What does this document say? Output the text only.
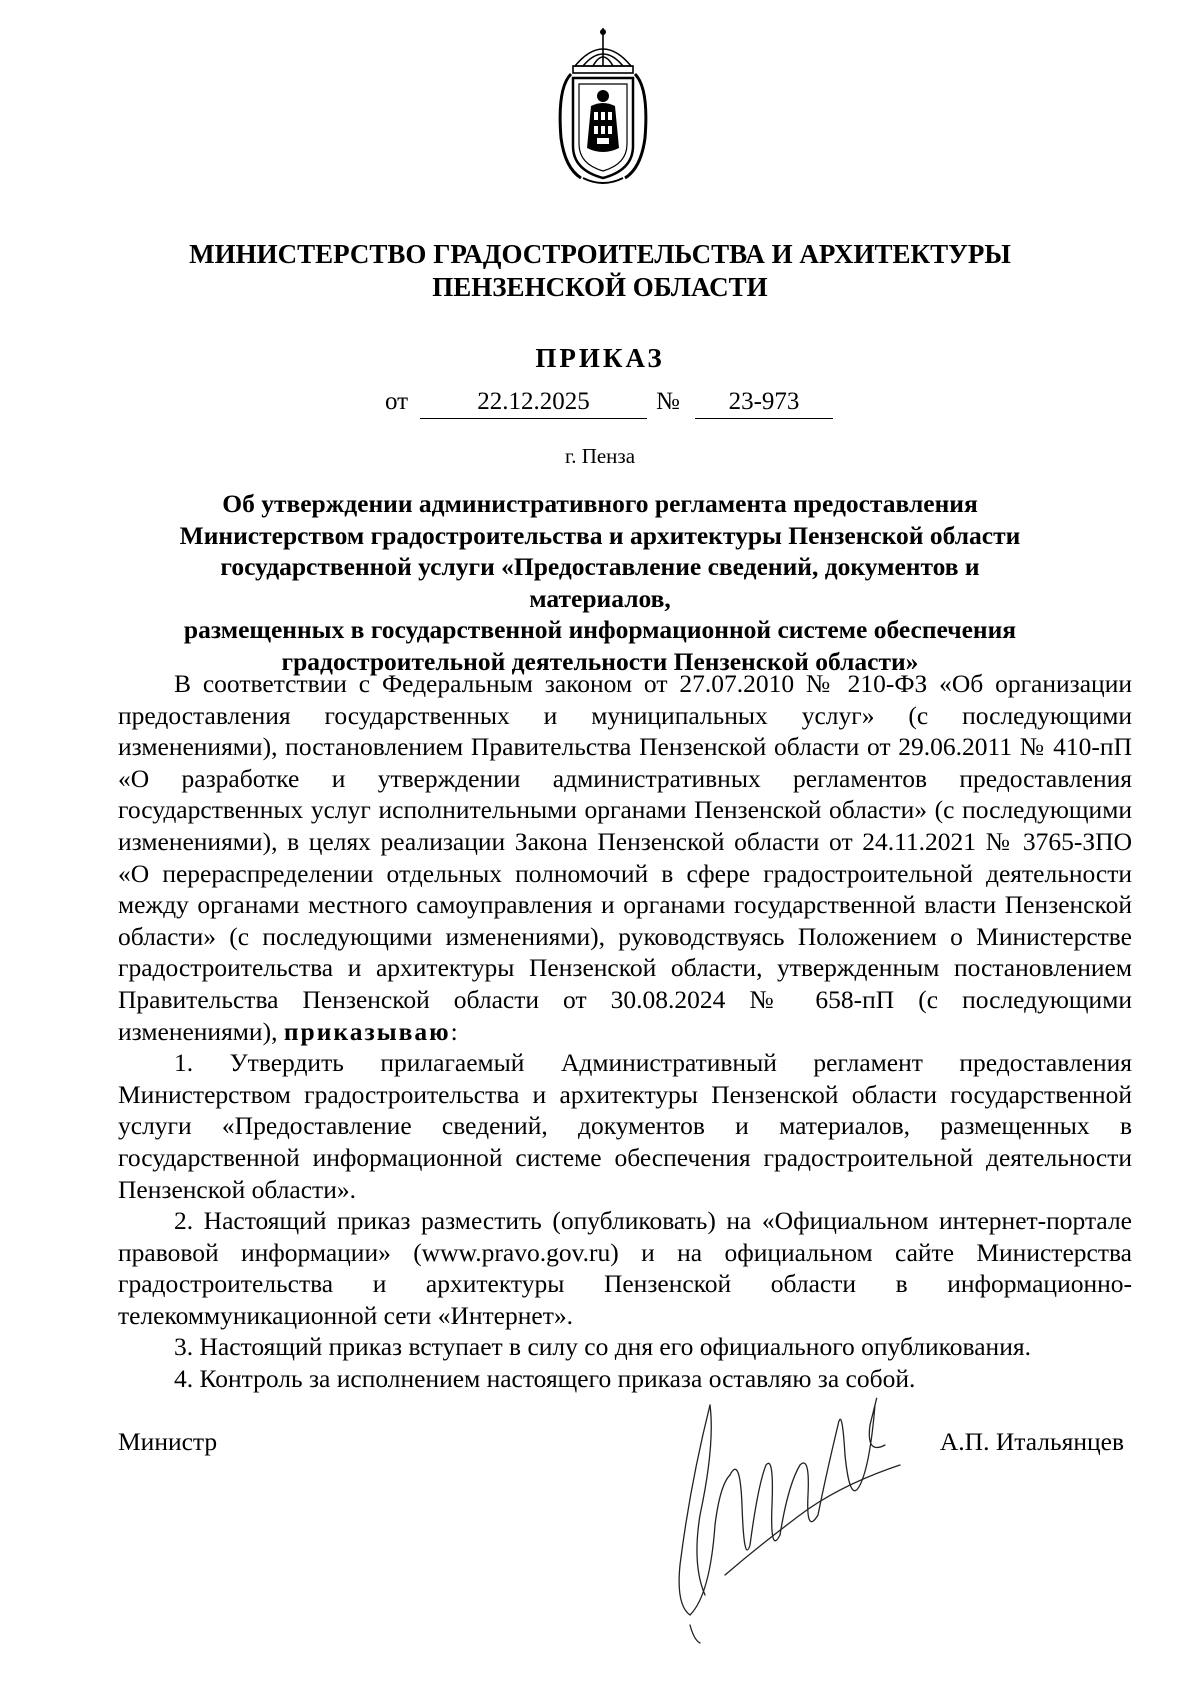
МИНИСТЕРСТВО ГРАДОСТРОИТЕЛЬСТВА И АРХИТЕКТУРЫ
ПЕНЗЕНСКОЙ ОБЛАСТИ
ПРИКАЗ
от	22.12.2025	№	23-973
г. Пенза
Об утверждении административного регламента предоставления
Министерством градостроительства и архитектуры Пензенской области
государственной услуги «Предоставление сведений, документов и материалов,
размещенных в государственной информационной системе обеспечения
градостроительной деятельности Пензенской области»

В соответствии с Федеральным законом от 27.07.2010 № 210-ФЗ «Об организации предоставления государственных и муниципальных услуг» (с последующими изменениями), постановлением Правительства Пензенской области от 29.06.2011 № 410-пП «О разработке и утверждении административных регламентов предоставления государственных услуг исполнительными органами Пензенской области» (с последующими изменениями), в целях реализации Закона Пензенской области от 24.11.2021 № 3765-ЗПО «О перераспределении отдельных полномочий в сфере градостроительной деятельности между органами местного самоуправления и органами государственной власти Пензенской области» (с последующими изменениями), руководствуясь Положением о Министерстве градостроительства и архитектуры Пензенской области, утвержденным постановлением Правительства Пензенской области от 30.08.2024 № 658-пП (с последующими изменениями), приказываю:

1. Утвердить прилагаемый Административный регламент предоставления Министерством градостроительства и архитектуры Пензенской области государственной услуги «Предоставление сведений, документов и материалов, размещенных в государственной информационной системе обеспечения градостроительной деятельности Пензенской области».

2. Настоящий приказ разместить (опубликовать) на «Официальном интернет-портале правовой информации» (www.pravo.gov.ru) и на официальном сайте Министерства градостроительства и архитектуры Пензенской области в информационно-телекоммуникационной сети «Интернет».

3. Настоящий приказ вступает в силу со дня его официального опубликования.

4. Контроль за исполнением настоящего приказа оставляю за собой.

Министр	А.П. Итальянцев
